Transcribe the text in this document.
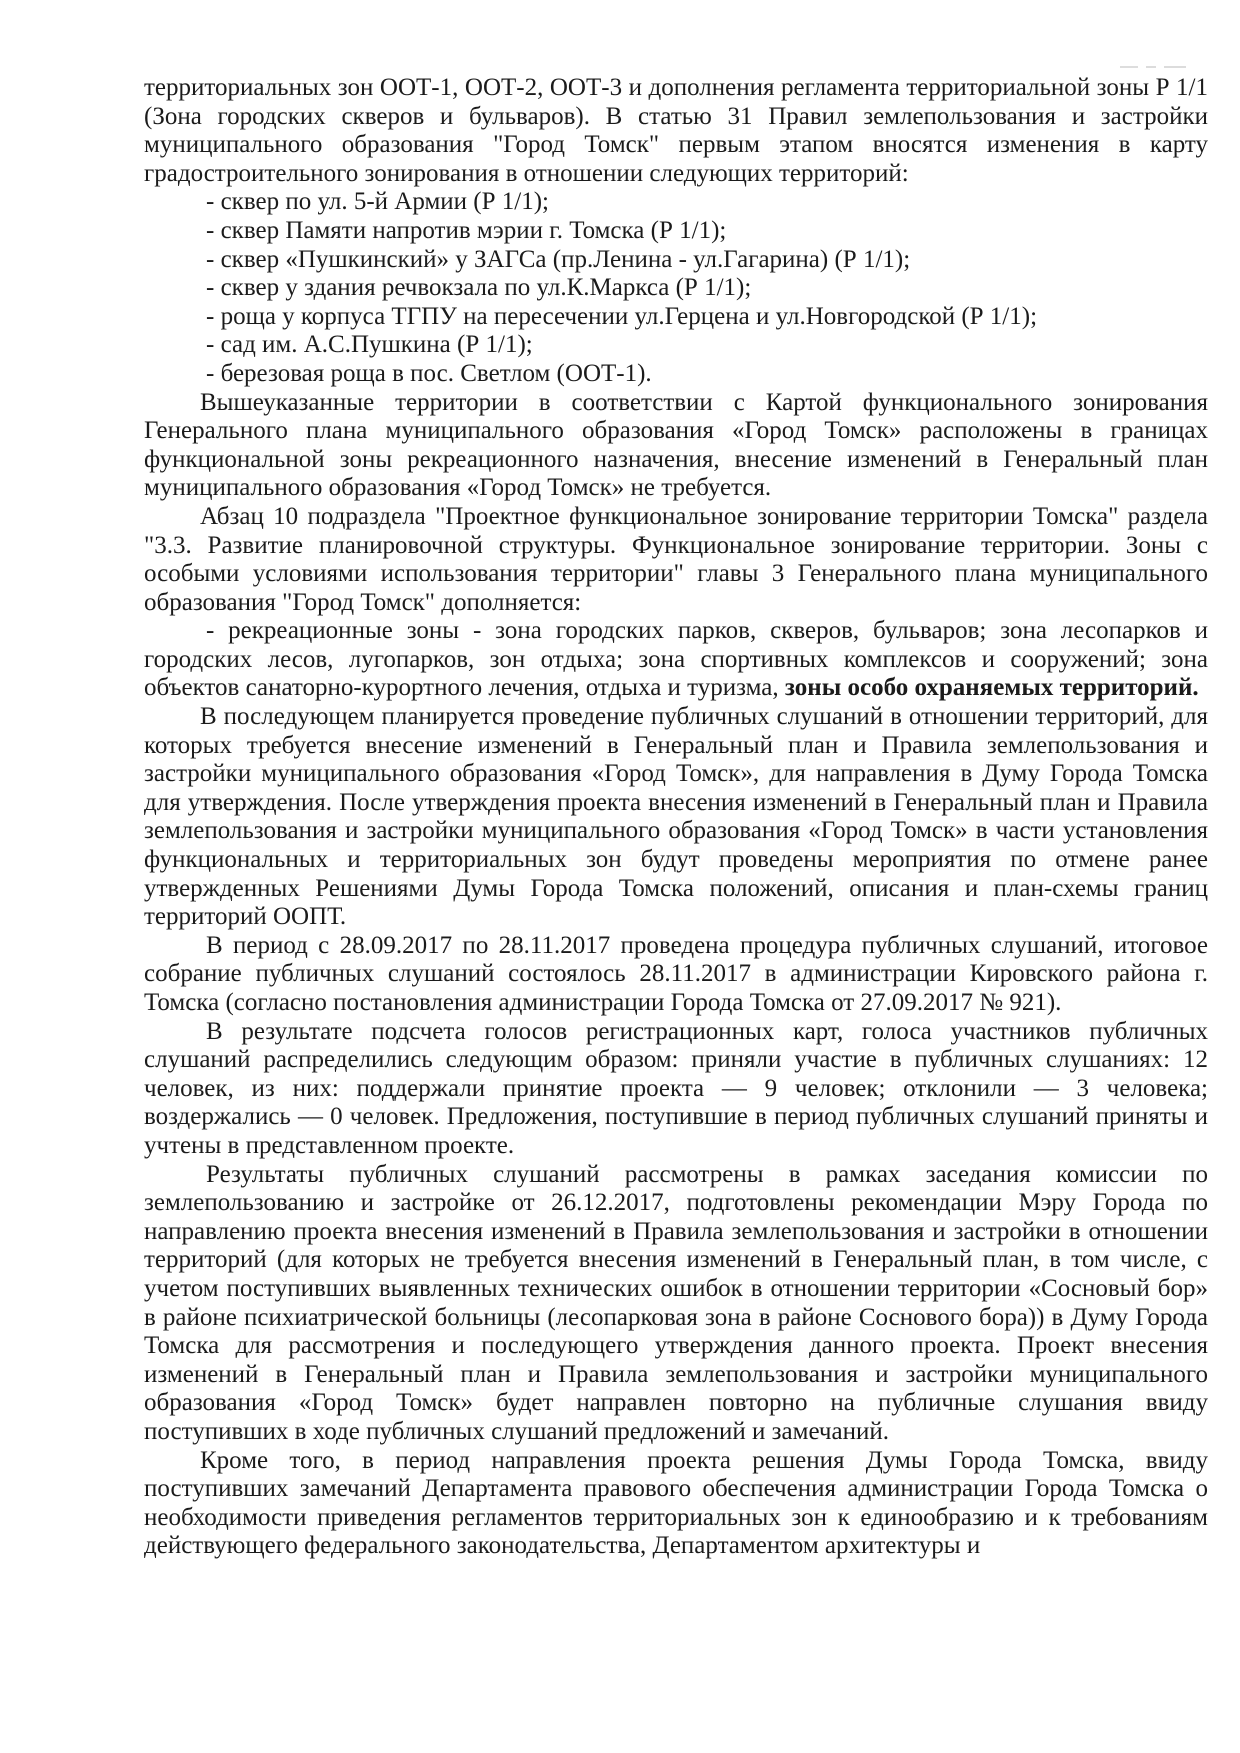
территориальных зон ООТ-1, ООТ-2, ООТ-3 и дополнения регламента территориальной зоны Р 1/1 (Зона городских скверов и бульваров). В статью 31 Правил землепользования и застройки муниципального образования "Город Томск" первым этапом вносятся изменения в карту градостроительного зонирования в отношении следующих территорий:

- сквер по ул. 5-й Армии (Р 1/1);
- сквер Памяти напротив мэрии г. Томска (Р 1/1);
- сквер «Пушкинский» у ЗАГСа (пр.Ленина - ул.Гагарина) (Р 1/1);
- сквер у здания речвокзала по ул.К.Маркса (Р 1/1);
- роща у корпуса ТГПУ на пересечении ул.Герцена и ул.Новгородской (Р 1/1);
- сад им. А.С.Пушкина (Р 1/1);
- березовая роща в пос. Светлом (ООТ-1).

Вышеуказанные территории в соответствии с Картой функционального зонирования Генерального плана муниципального образования «Город Томск» расположены в границах функциональной зоны рекреационного назначения, внесение изменений в Генеральный план муниципального образования «Город Томск» не требуется.

Абзац 10 подраздела "Проектное функциональное зонирование территории Томска" раздела "3.3. Развитие планировочной структуры. Функциональное зонирование территории. Зоны с особыми условиями использования территории" главы 3 Генерального плана муниципального образования "Город Томск" дополняется:

- рекреационные зоны - зона городских парков, скверов, бульваров; зона лесопарков и городских лесов, лугопарков, зон отдыха; зона спортивных комплексов и сооружений; зона объектов санаторно-курортного лечения, отдыха и туризма, зоны особо охраняемых территорий.

В последующем планируется проведение публичных слушаний в отношении территорий, для которых требуется внесение изменений в Генеральный план и Правила землепользования и застройки муниципального образования «Город Томск», для направления в Думу Города Томска для утверждения. После утверждения проекта внесения изменений в Генеральный план и Правила землепользования и застройки муниципального образования «Город Томск» в части установления функциональных и территориальных зон будут проведены мероприятия по отмене ранее утвержденных Решениями Думы Города Томска положений, описания и план-схемы границ территорий ООПТ.

В период с 28.09.2017 по 28.11.2017 проведена процедура публичных слушаний, итоговое собрание публичных слушаний состоялось 28.11.2017 в администрации Кировского района г. Томска (согласно постановления администрации Города Томска от 27.09.2017 № 921).

В результате подсчета голосов регистрационных карт, голоса участников публичных слушаний распределились следующим образом: приняли участие в публичных слушаниях: 12 человек, из них: поддержали принятие проекта — 9 человек; отклонили — 3 человека; воздержались — 0 человек. Предложения, поступившие в период публичных слушаний приняты и учтены в представленном проекте.

Результаты публичных слушаний рассмотрены в рамках заседания комиссии по землепользованию и застройке от 26.12.2017, подготовлены рекомендации Мэру Города по направлению проекта внесения изменений в Правила землепользования и застройки в отношении территорий (для которых не требуется внесения изменений в Генеральный план, в том числе, с учетом поступивших выявленных технических ошибок в отношении территории «Сосновый бор» в районе психиатрической больницы (лесопарковая зона в районе Соснового бора)) в Думу Города Томска для рассмотрения и последующего утверждения данного проекта. Проект внесения изменений в Генеральный план и Правила землепользования и застройки муниципального образования «Город Томск» будет направлен повторно на публичные слушания ввиду поступивших в ходе публичных слушаний предложений и замечаний.

Кроме того, в период направления проекта решения Думы Города Томска, ввиду поступивших замечаний Департамента правового обеспечения администрации Города Томска о необходимости приведения регламентов территориальных зон к единообразию и к требованиям действующего федерального законодательства, Департаментом архитектуры и
